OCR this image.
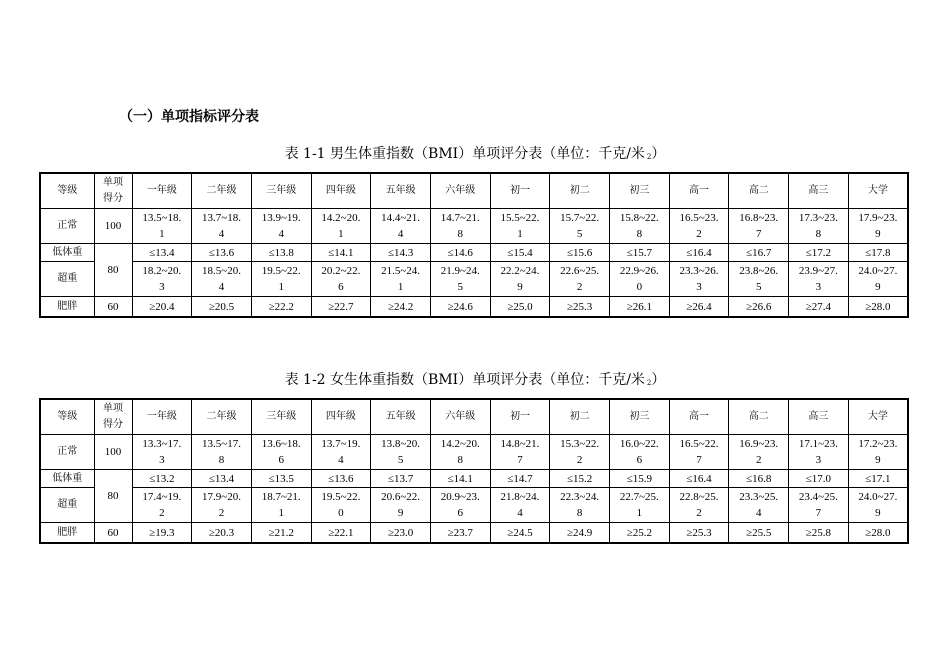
（一）单项指标评分表
表 1-1 男生体重指数（BMI）单项评分表（单位：千克/米 2）
等级	单项得分	一年级	二年级	三年级	四年级	五年级	六年级	初一	初二	初三	高一	高二	高三	大学
正常	100	13.5~18.1	13.7~18.4	13.9~19.4	14.2~20.1	14.4~21.4	14.7~21.8	15.5~22.1	15.7~22.5	15.8~22.8	16.5~23.2	16.8~23.7	17.3~23.8	17.9~23.9

低体重	80	≤13.4	≤13.6	≤13.8	≤14.1	≤14.3	≤14.6	≤15.4	≤15.6	≤15.7	≤16.4	≤16.7	≤17.2	≤17.8

超重		18.2~20.3	18.5~20.4	19.5~22.1	20.2~22.6	21.5~24.1	21.9~24.5	22.2~24.9	22.6~25.2	22.9~26.0	23.3~26.3	23.8~26.5	23.9~27.3	24.0~27.9

肥胖	60	≥20.4	≥20.5	≥22.2	≥22.7	≥24.2	≥24.6	≥25.0	≥25.3	≥26.1	≥26.4	≥26.6	≥27.4	≥28.0
表 1-2 女生体重指数（BMI）单项评分表（单位：千克/米 2）
等级	单项得分	一年级	二年级	三年级	四年级	五年级	六年级	初一	初二	初三	高一	高二	高三	大学
正常	100	13.3~17.3	13.5~17.8	13.6~18.6	13.7~19.4	13.8~20.5	14.2~20.8	14.8~21.7	15.3~22.2	16.0~22.6	16.5~22.7	16.9~23.2	17.1~23.3	17.2~23.9

低体重	80	≤13.2	≤13.4	≤13.5	≤13.6	≤13.7	≤14.1	≤14.7	≤15.2	≤15.9	≤16.4	≤16.8	≤17.0	≤17.1

超重		17.4~19.2	17.9~20.2	18.7~21.1	19.5~22.0	20.6~22.9	20.9~23.6	21.8~24.4	22.3~24.8	22.7~25.1	22.8~25.2	23.3~25.4	23.4~25.7	24.0~27.9

肥胖	60	≥19.3	≥20.3	≥21.2	≥22.1	≥23.0	≥23.7	≥24.5	≥24.9	≥25.2	≥25.3	≥25.5	≥25.8	≥28.0
